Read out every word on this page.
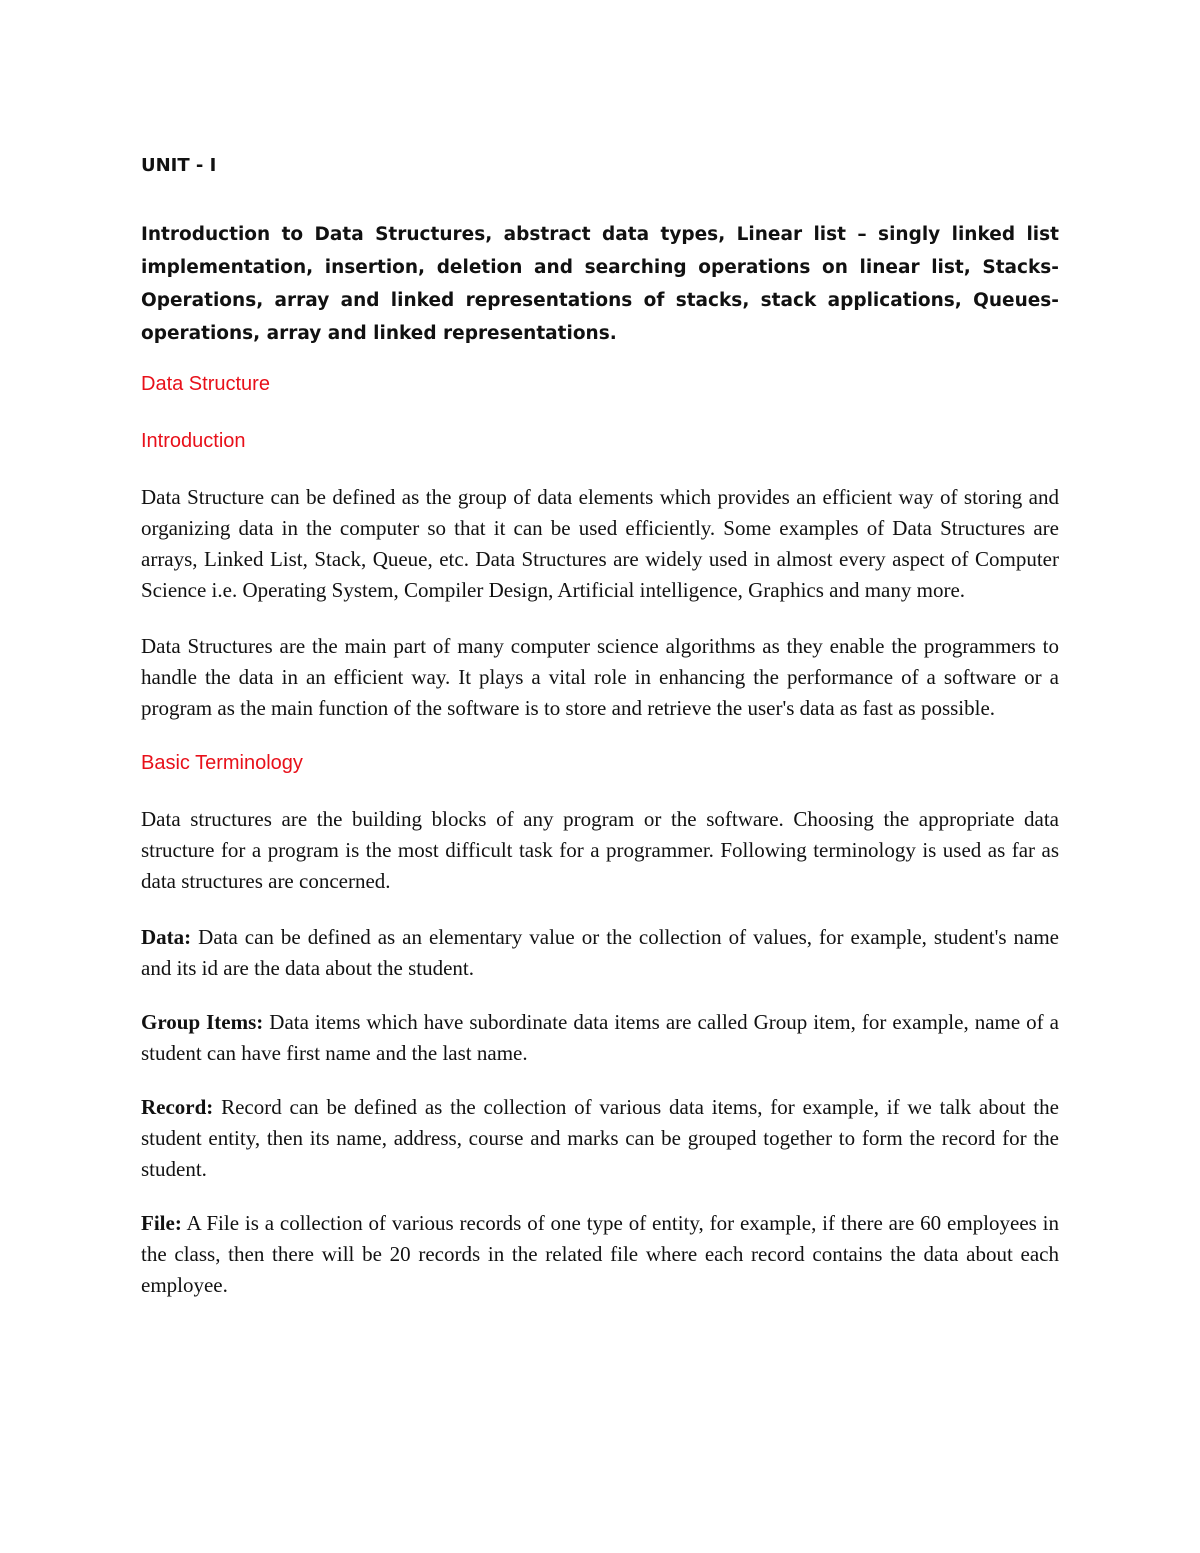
UNIT - I
Introduction to Data Structures, abstract data types, Linear list – singly linked list implementation, insertion, deletion and searching operations on linear list, Stacks-Operations, array and linked representations of stacks, stack applications, Queues-operations, array and linked representations.
Data Structure
Introduction
Data Structure can be defined as the group of data elements which provides an efficient way of storing and organizing data in the computer so that it can be used efficiently. Some examples of Data Structures are arrays, Linked List, Stack, Queue, etc. Data Structures are widely used in almost every aspect of Computer Science i.e. Operating System, Compiler Design, Artificial intelligence, Graphics and many more.
Data Structures are the main part of many computer science algorithms as they enable the programmers to handle the data in an efficient way. It plays a vital role in enhancing the performance of a software or a program as the main function of the software is to store and retrieve the user's data as fast as possible.
Basic Terminology
Data structures are the building blocks of any program or the software. Choosing the appropriate data structure for a program is the most difficult task for a programmer. Following terminology is used as far as data structures are concerned.
Data: Data can be defined as an elementary value or the collection of values, for example, student's name and its id are the data about the student.
Group Items: Data items which have subordinate data items are called Group item, for example, name of a student can have first name and the last name.
Record: Record can be defined as the collection of various data items, for example, if we talk about the student entity, then its name, address, course and marks can be grouped together to form the record for the student.
File: A File is a collection of various records of one type of entity, for example, if there are 60 employees in the class, then there will be 20 records in the related file where each record contains the data about each employee.
